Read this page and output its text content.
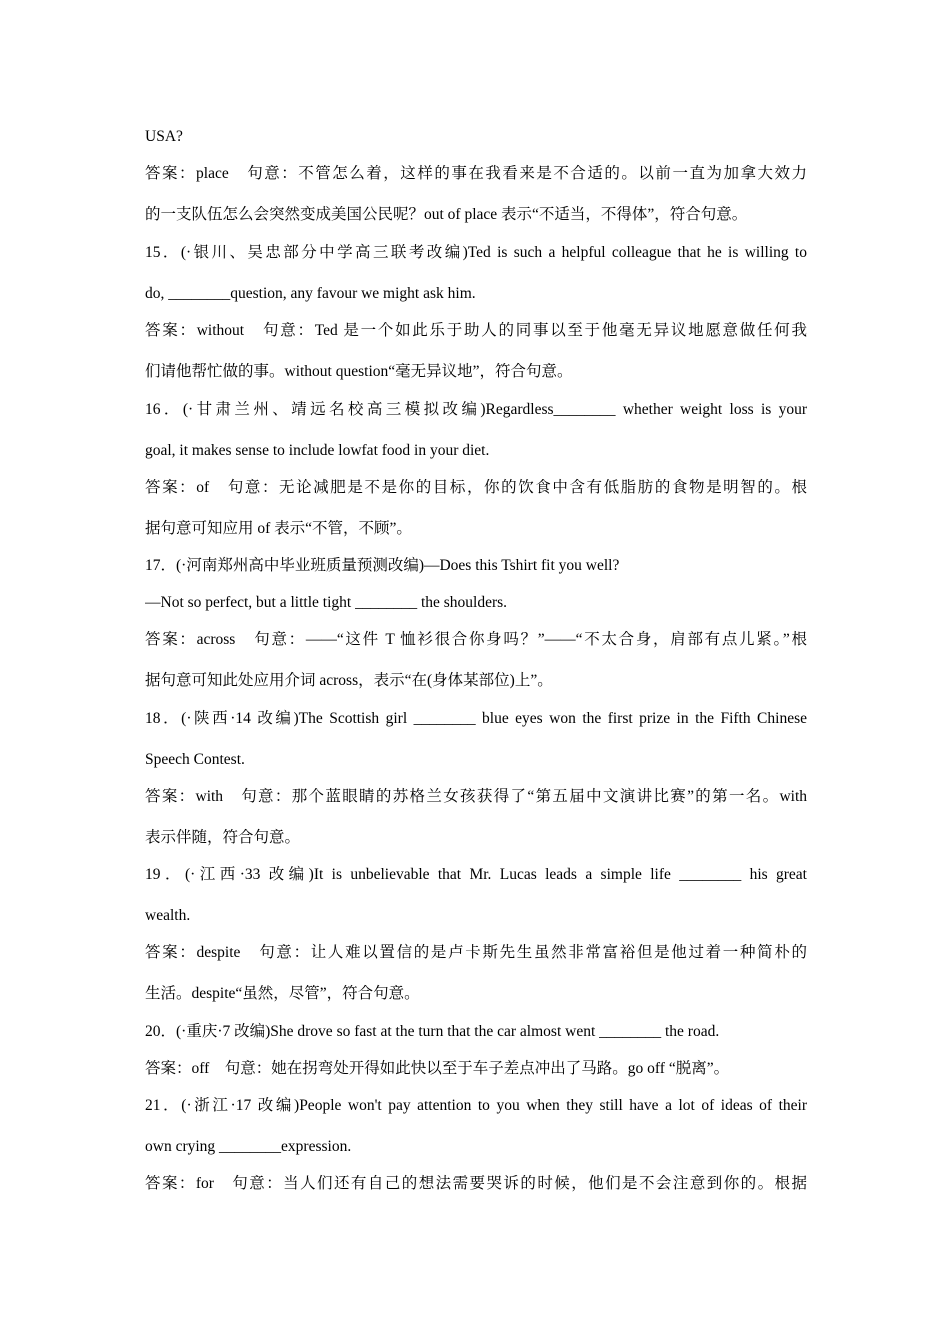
USA?
答案：place　句意：不管怎么着，这样的事在我看来是不合适的。以前一直为加拿大效力
的一支队伍怎么会突然变成美国公民呢？out of place 表示“不适当，不得体”，符合句意。
15．(·银川、吴忠部分中学高三联考改编)Ted is such a helpful colleague that he is willing to
do, ________question, any favour we might ask him.
答案：without　句意：Ted 是一个如此乐于助人的同事以至于他毫无异议地愿意做任何我
们请他帮忙做的事。without question“毫无异议地”，符合句意。
16．(·甘肃兰州、靖远名校高三模拟改编)Regardless________ whether weight loss is your
goal, it makes sense to include lowfat food in your diet.
答案：of　句意：无论减肥是不是你的目标，你的饮食中含有低脂肪的食物是明智的。根
据句意可知应用 of 表示“不管，不顾”。
17．(·河南郑州高中毕业班质量预测改编)—Does this Tshirt fit you well?
—Not so perfect, but a little tight ________ the shoulders.
答案：across　句意：——“这件 T 恤衫很合你身吗？”——“不太合身，肩部有点儿紧。”根
据句意可知此处应用介词 across，表示“在(身体某部位)上”。
18．(·陕西·14 改编)The Scottish girl ________ blue eyes won the first prize in the Fifth Chinese
Speech Contest.
答案：with　句意：那个蓝眼睛的苏格兰女孩获得了“第五届中文演讲比赛”的第一名。with
表示伴随，符合句意。
19．(·江西·33 改编)It is unbelievable that Mr. Lucas leads a simple life ________ his great
wealth.
答案：despite　句意：让人难以置信的是卢卡斯先生虽然非常富裕但是他过着一种简朴的
生活。despite“虽然，尽管”，符合句意。
20．(·重庆·7 改编)She drove so fast at the turn that the car almost went ________ the road.
答案：off　句意：她在拐弯处开得如此快以至于车子差点冲出了马路。go off “脱离”。
21．(·浙江·17 改编)People won't pay attention to you when they still have a lot of ideas of their
own crying ________expression.
答案：for　句意：当人们还有自己的想法需要哭诉的时候，他们是不会注意到你的。根据
